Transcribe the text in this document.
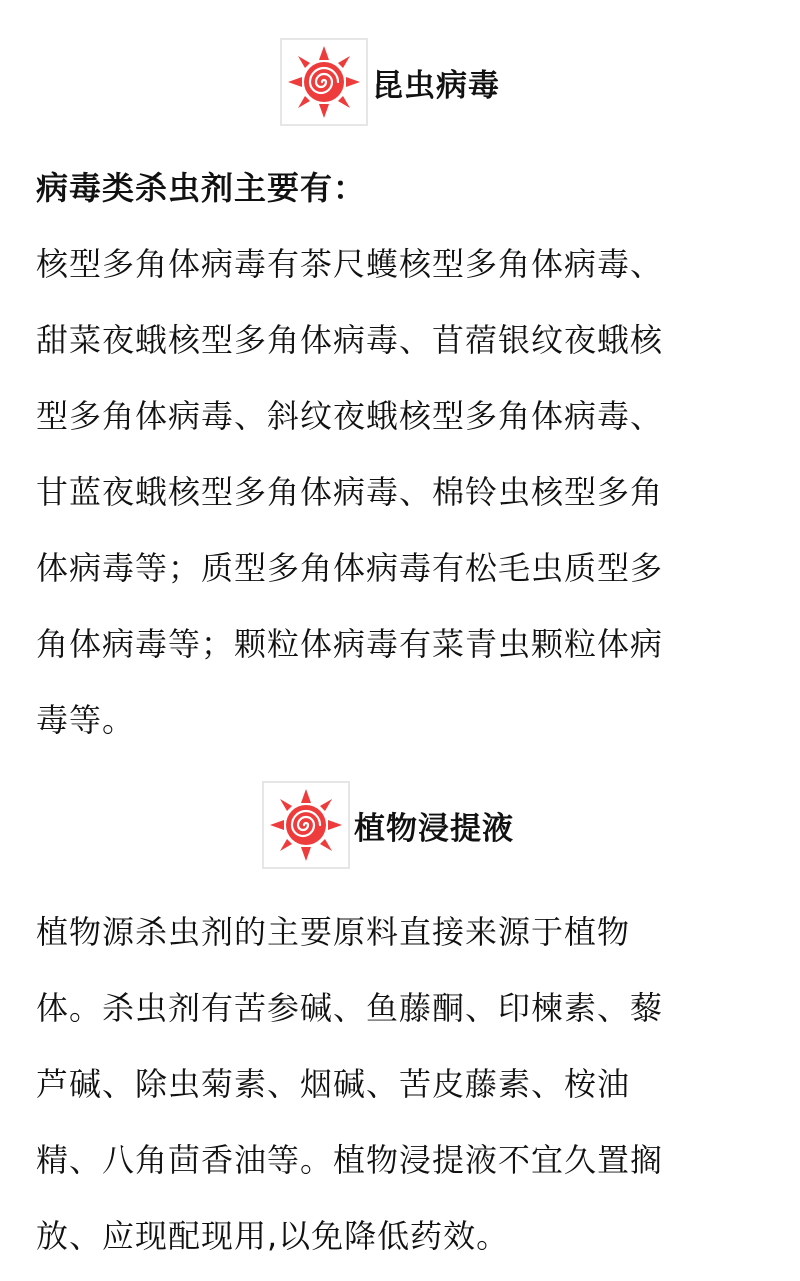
昆虫病毒
病毒类杀虫剂主要有：
核型多角体病毒有茶尺蠖核型多角体病毒、
甜菜夜蛾核型多角体病毒、苜蓿银纹夜蛾核
型多角体病毒、斜纹夜蛾核型多角体病毒、
甘蓝夜蛾核型多角体病毒、棉铃虫核型多角
体病毒等；质型多角体病毒有松毛虫质型多
角体病毒等；颗粒体病毒有菜青虫颗粒体病
毒等。
植物浸提液
植物源杀虫剂的主要原料直接来源于植物
体。杀虫剂有苦参碱、鱼藤酮、印楝素、藜
芦碱、除虫菊素、烟碱、苦皮藤素、桉油
精、八角茴香油等。植物浸提液不宜久置搁
放、应现配现用,以免降低药效。
